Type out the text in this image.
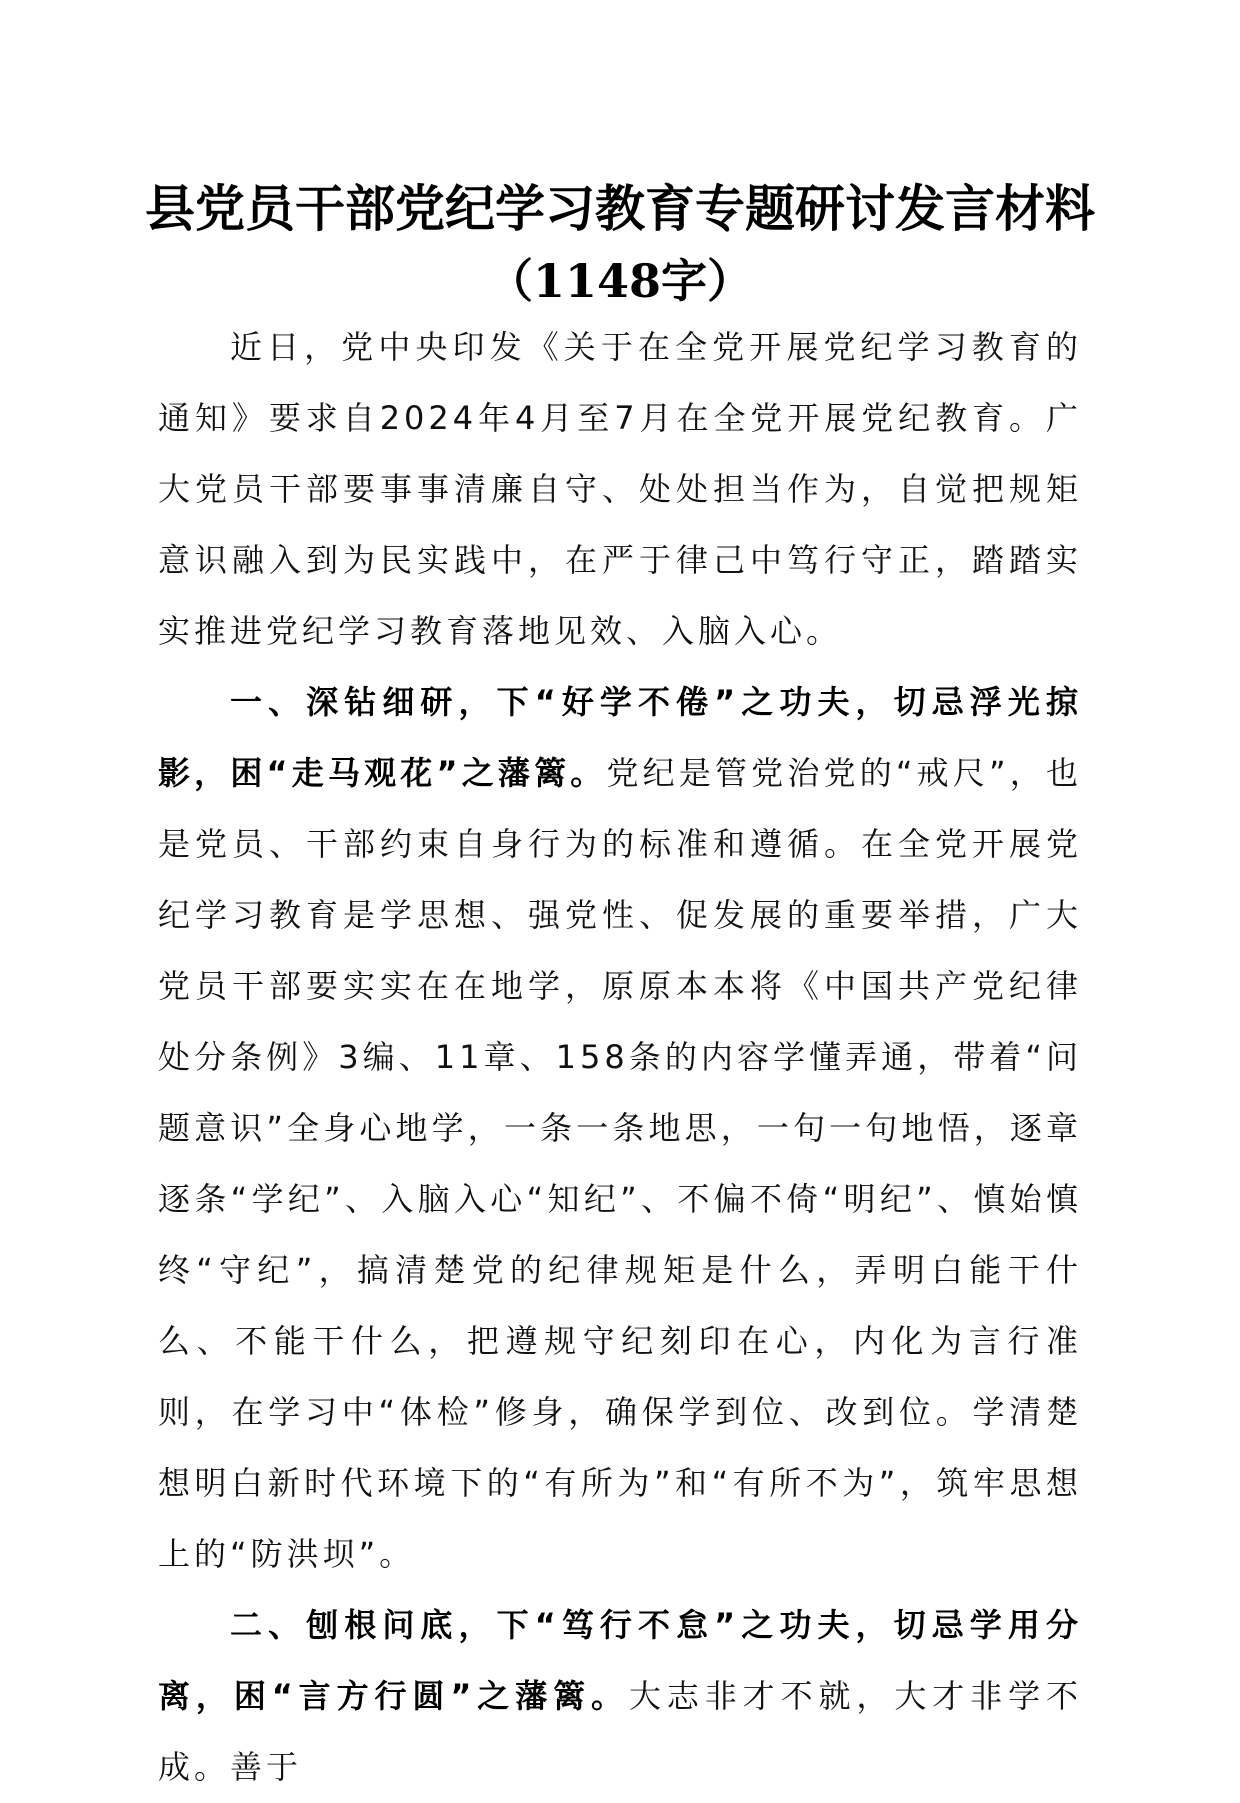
县党员干部党纪学习教育专题研讨发言材料
（1148字）

近日，党中央印发《关于在全党开展党纪学习教育的通知》要求自2024年4月至7月在全党开展党纪教育。广大党员干部要事事清廉自守、处处担当作为，自觉把规矩意识融入到为民实践中，在严于律己中笃行守正，踏踏实实推进党纪学习教育落地见效、入脑入心。

一、深钻细研，下“好学不倦”之功夫，切忌浮光掠影，困“走马观花”之藩篱。党纪是管党治党的“戒尺”，也是党员、干部约束自身行为的标准和遵循。在全党开展党纪学习教育是学思想、强党性、促发展的重要举措，广大党员干部要实实在在地学，原原本本将《中国共产党纪律处分条例》3编、11章、158条的内容学懂弄通，带着“问题意识”全身心地学，一条一条地思，一句一句地悟，逐章逐条“学纪”、入脑入心“知纪”、不偏不倚“明纪”、慎始慎终“守纪”，搞清楚党的纪律规矩是什么，弄明白能干什么、不能干什么，把遵规守纪刻印在心，内化为言行准则，在学习中“体检”修身，确保学到位、改到位。学清楚想明白新时代环境下的“有所为”和“有所不为”，筑牢思想上的“防洪坝”。

二、刨根问底，下“笃行不怠”之功夫，切忌学用分离，困“言方行圆”之藩篱。大志非才不就，大才非学不成。善于
